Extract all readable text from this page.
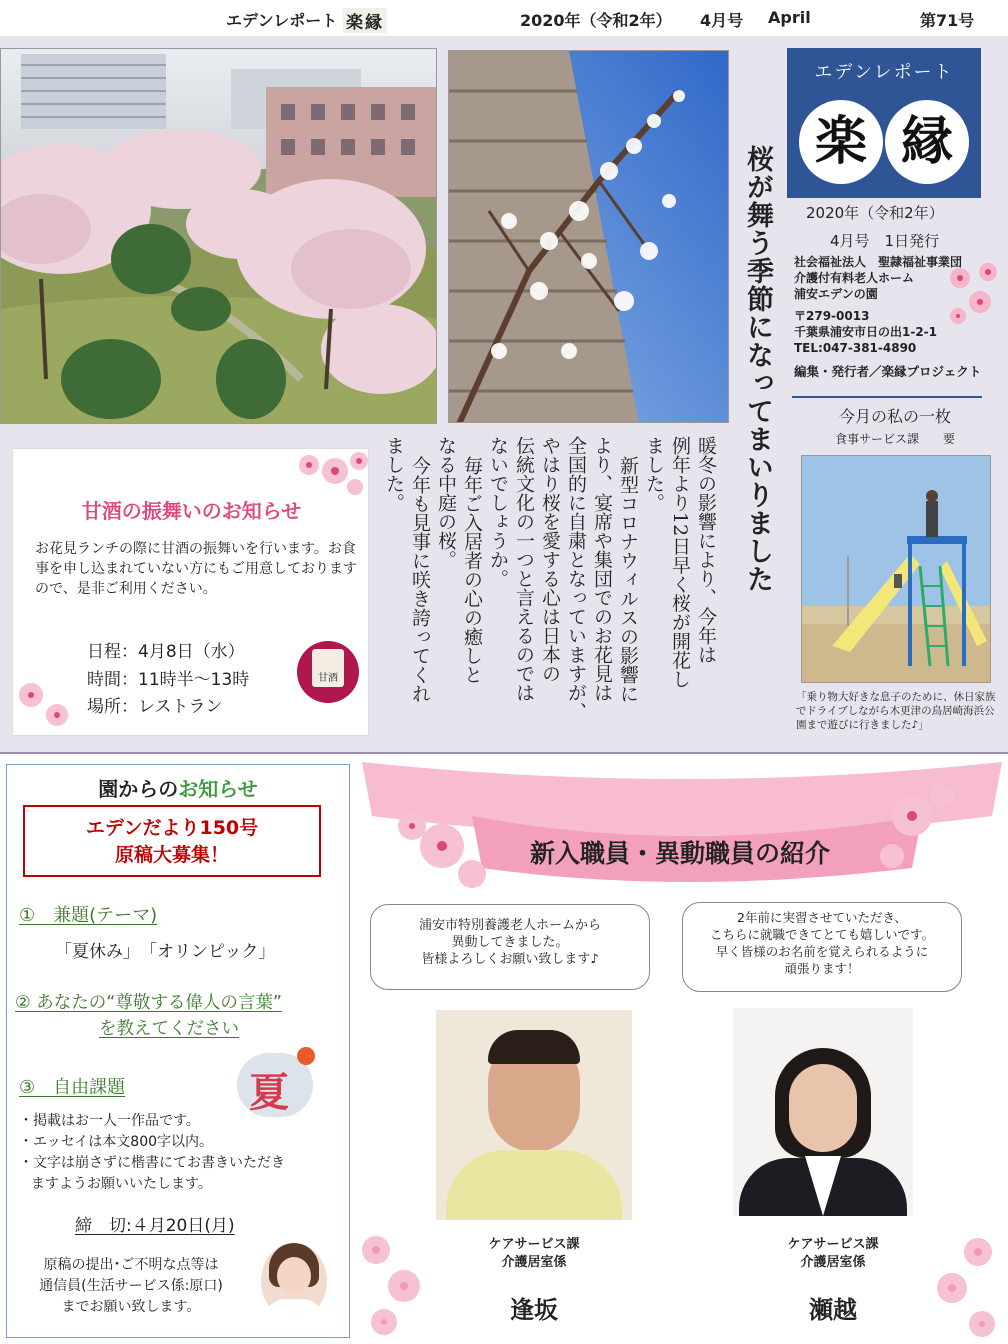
エデンレポート 楽縁	2020年（令和2年） 4月号 April	第71号
桜が舞う季節になってまいりました
暖冬の影響により、今年は
例年より12日早く桜が開花し
ました。
新型コロナウィルスの影響に
より、宴席や集団でのお花見は
全国的に自粛となっていますが、
やはり桜を愛する心は日本の
伝統文化の一つと言えるのでは
ないでしょうか。
毎年ご入居者の心の癒しと
なる中庭の桜。
今年も見事に咲き誇ってくれ
ました。
エデンレポート
楽 縁
2020年（令和2年）
4月号　1日発行
社会福祉法人　聖隷福祉事業団
介護付有料老人ホーム
浦安エデンの園
〒279-0013
千葉県浦安市日の出1-2-1
TEL:047-381-4890
編集・発行者／楽縁プロジェクト
今月の私の一枚
食事サービス課　　要
「乗り物大好きな息子のために、休日家族でドライブしながら木更津の鳥居崎海浜公園まで遊びに行きました♪」
甘酒の振舞いのお知らせ
お花見ランチの際に甘酒の振舞いを行います。お食事を申し込まれていない方にもご用意しておりますので、是非ご利用ください。
日程：4月8日（水）
時間：11時半～13時
場所：レストラン
甘酒
園からのお知らせ
エデンだより150号
原稿大募集！
①　兼題(テーマ)
「夏休み」　「オリンピック」
② あなたの“尊敬する偉人の言葉”
を教えてください
③　自由課題	夏
・掲載はお一人一作品です。
・エッセイは本文800字以内。
・文字は崩さずに楷書にてお書きいただき
ますようお願いいたします。
締　切:４月20日(月)
原稿の提出･ご不明な点等は
通信員(生活サービス係:原口)
までお願い致します。
新入職員・異動職員の紹介
浦安市特別養護老人ホームから
異動してきました。
皆様よろしくお願い致します♪
ケアサービス課
介護居室係
逢坂
2年前に実習させていただき、
こちらに就職できてとても嬉しいです。
早く皆様のお名前を覚えられるように
頑張ります！
ケアサービス課
介護居室係
瀬越
